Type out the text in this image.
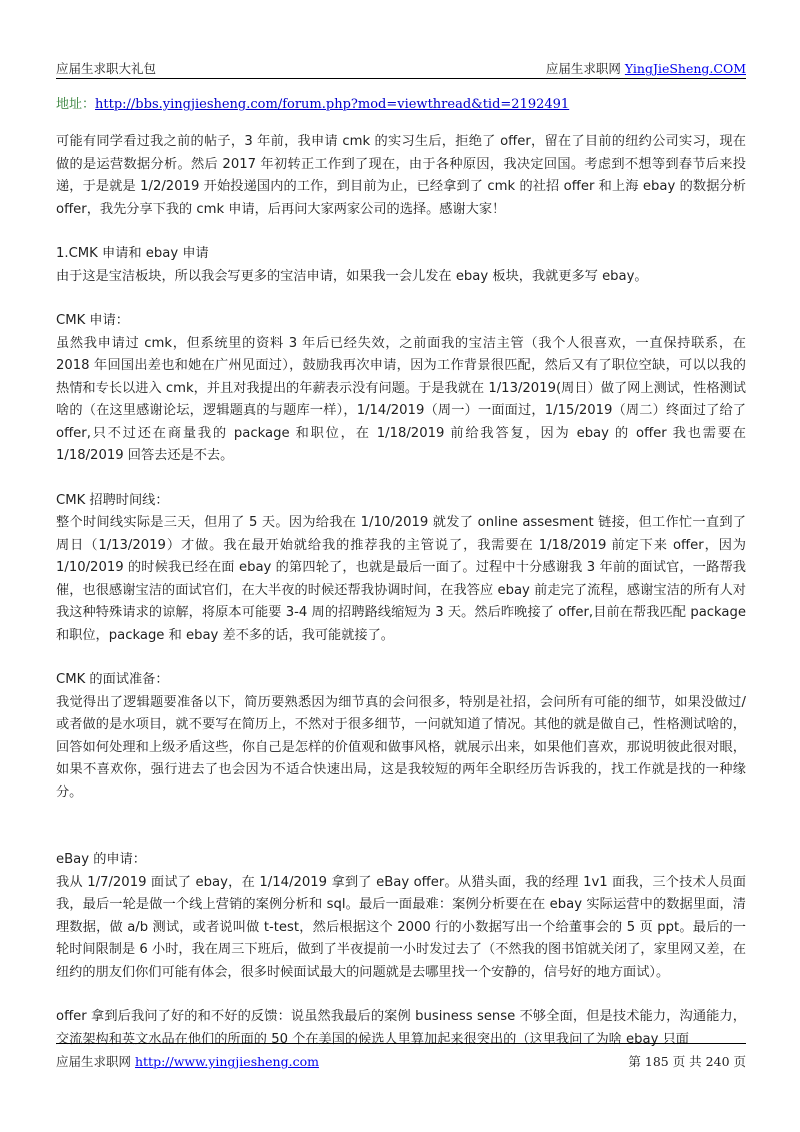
应届生求职大礼包	应届生求职网 YingJieSheng.COM
地址：http://bbs.yingjiesheng.com/forum.php?mod=viewthread&tid=2192491

可能有同学看过我之前的帖子，3 年前，我申请 cmk 的实习生后，拒绝了 offer，留在了目前的纽约公司实习，现在做的是运营数据分析。然后 2017 年初转正工作到了现在，由于各种原因，我决定回国。考虑到不想等到春节后来投递，于是就是 1/2/2019 开始投递国内的工作，到目前为止，已经拿到了 cmk 的社招 offer 和上海 ebay 的数据分析 offer，我先分享下我的 cmk 申请，后再问大家两家公司的选择。感谢大家！

1.CMK 申请和 ebay 申请

由于这是宝洁板块，所以我会写更多的宝洁申请，如果我一会儿发在 ebay 板块，我就更多写 ebay。

CMK 申请：

虽然我申请过 cmk，但系统里的资料 3 年后已经失效，之前面我的宝洁主管（我个人很喜欢，一直保持联系，在 2018 年回国出差也和她在广州见面过），鼓励我再次申请，因为工作背景很匹配，然后又有了职位空缺，可以以我的热情和专长以进入 cmk，并且对我提出的年薪表示没有问题。于是我就在 1/13/2019(周日）做了网上测试，性格测试啥的（在这里感谢论坛，逻辑题真的与题库一样），1/14/2019（周一）一面面过，1/15/2019（周二）终面过了给了 offer,只不过还在商量我的 package 和职位，在 1/18/2019 前给我答复，因为 ebay 的 offer 我也需要在 1/18/2019 回答去还是不去。

CMK 招聘时间线：

整个时间线实际是三天，但用了 5 天。因为给我在 1/10/2019 就发了 online assesment 链接，但工作忙一直到了周日（1/13/2019）才做。我在最开始就给我的推荐我的主管说了，我需要在 1/18/2019 前定下来 offer，因为 1/10/2019 的时候我已经在面 ebay 的第四轮了，也就是最后一面了。过程中十分感谢我 3 年前的面试官，一路帮我催，也很感谢宝洁的面试官们，在大半夜的时候还帮我协调时间，在我答应 ebay 前走完了流程，感谢宝洁的所有人对我这种特殊请求的谅解，将原本可能要 3-4 周的招聘路线缩短为 3 天。然后昨晚接了 offer,目前在帮我匹配 package 和职位，package 和 ebay 差不多的话，我可能就接了。

CMK 的面试准备：

我觉得出了逻辑题要准备以下，简历要熟悉因为细节真的会问很多，特别是社招，会问所有可能的细节，如果没做过/或者做的是水项目，就不要写在简历上，不然对于很多细节，一问就知道了情况。其他的就是做自己，性格测试啥的，回答如何处理和上级矛盾这些，你自己是怎样的价值观和做事风格，就展示出来，如果他们喜欢，那说明彼此很对眼，如果不喜欢你，强行进去了也会因为不适合快速出局，这是我较短的两年全职经历告诉我的，找工作就是找的一种缘分。

eBay 的申请：

我从 1/7/2019 面试了 ebay，在 1/14/2019 拿到了 eBay offer。从猎头面，我的经理 1v1 面我，三个技术人员面我，最后一轮是做一个线上营销的案例分析和 sql。最后一面最难：案例分析要在在 ebay 实际运营中的数据里面，清理数据，做 a/b 测试，或者说叫做 t-test，然后根据这个 2000 行的小数据写出一个给董事会的 5 页 ppt。最后的一轮时间限制是 6 小时，我在周三下班后，做到了半夜提前一小时发过去了（不然我的图书馆就关闭了，家里网又差，在纽约的朋友们你们可能有体会，很多时候面试最大的问题就是去哪里找一个安静的，信号好的地方面试）。

offer 拿到后我问了好的和不好的反馈：说虽然我最后的案例 business sense 不够全面，但是技术能力，沟通能力，交流架构和英文水品在他们的所面的 50 个在美国的候选人里算加起来很突出的（这里我问了为啥 ebay 只面

应届生求职网 http://www.yingjiesheng.com	第 185 页 共 240 页
